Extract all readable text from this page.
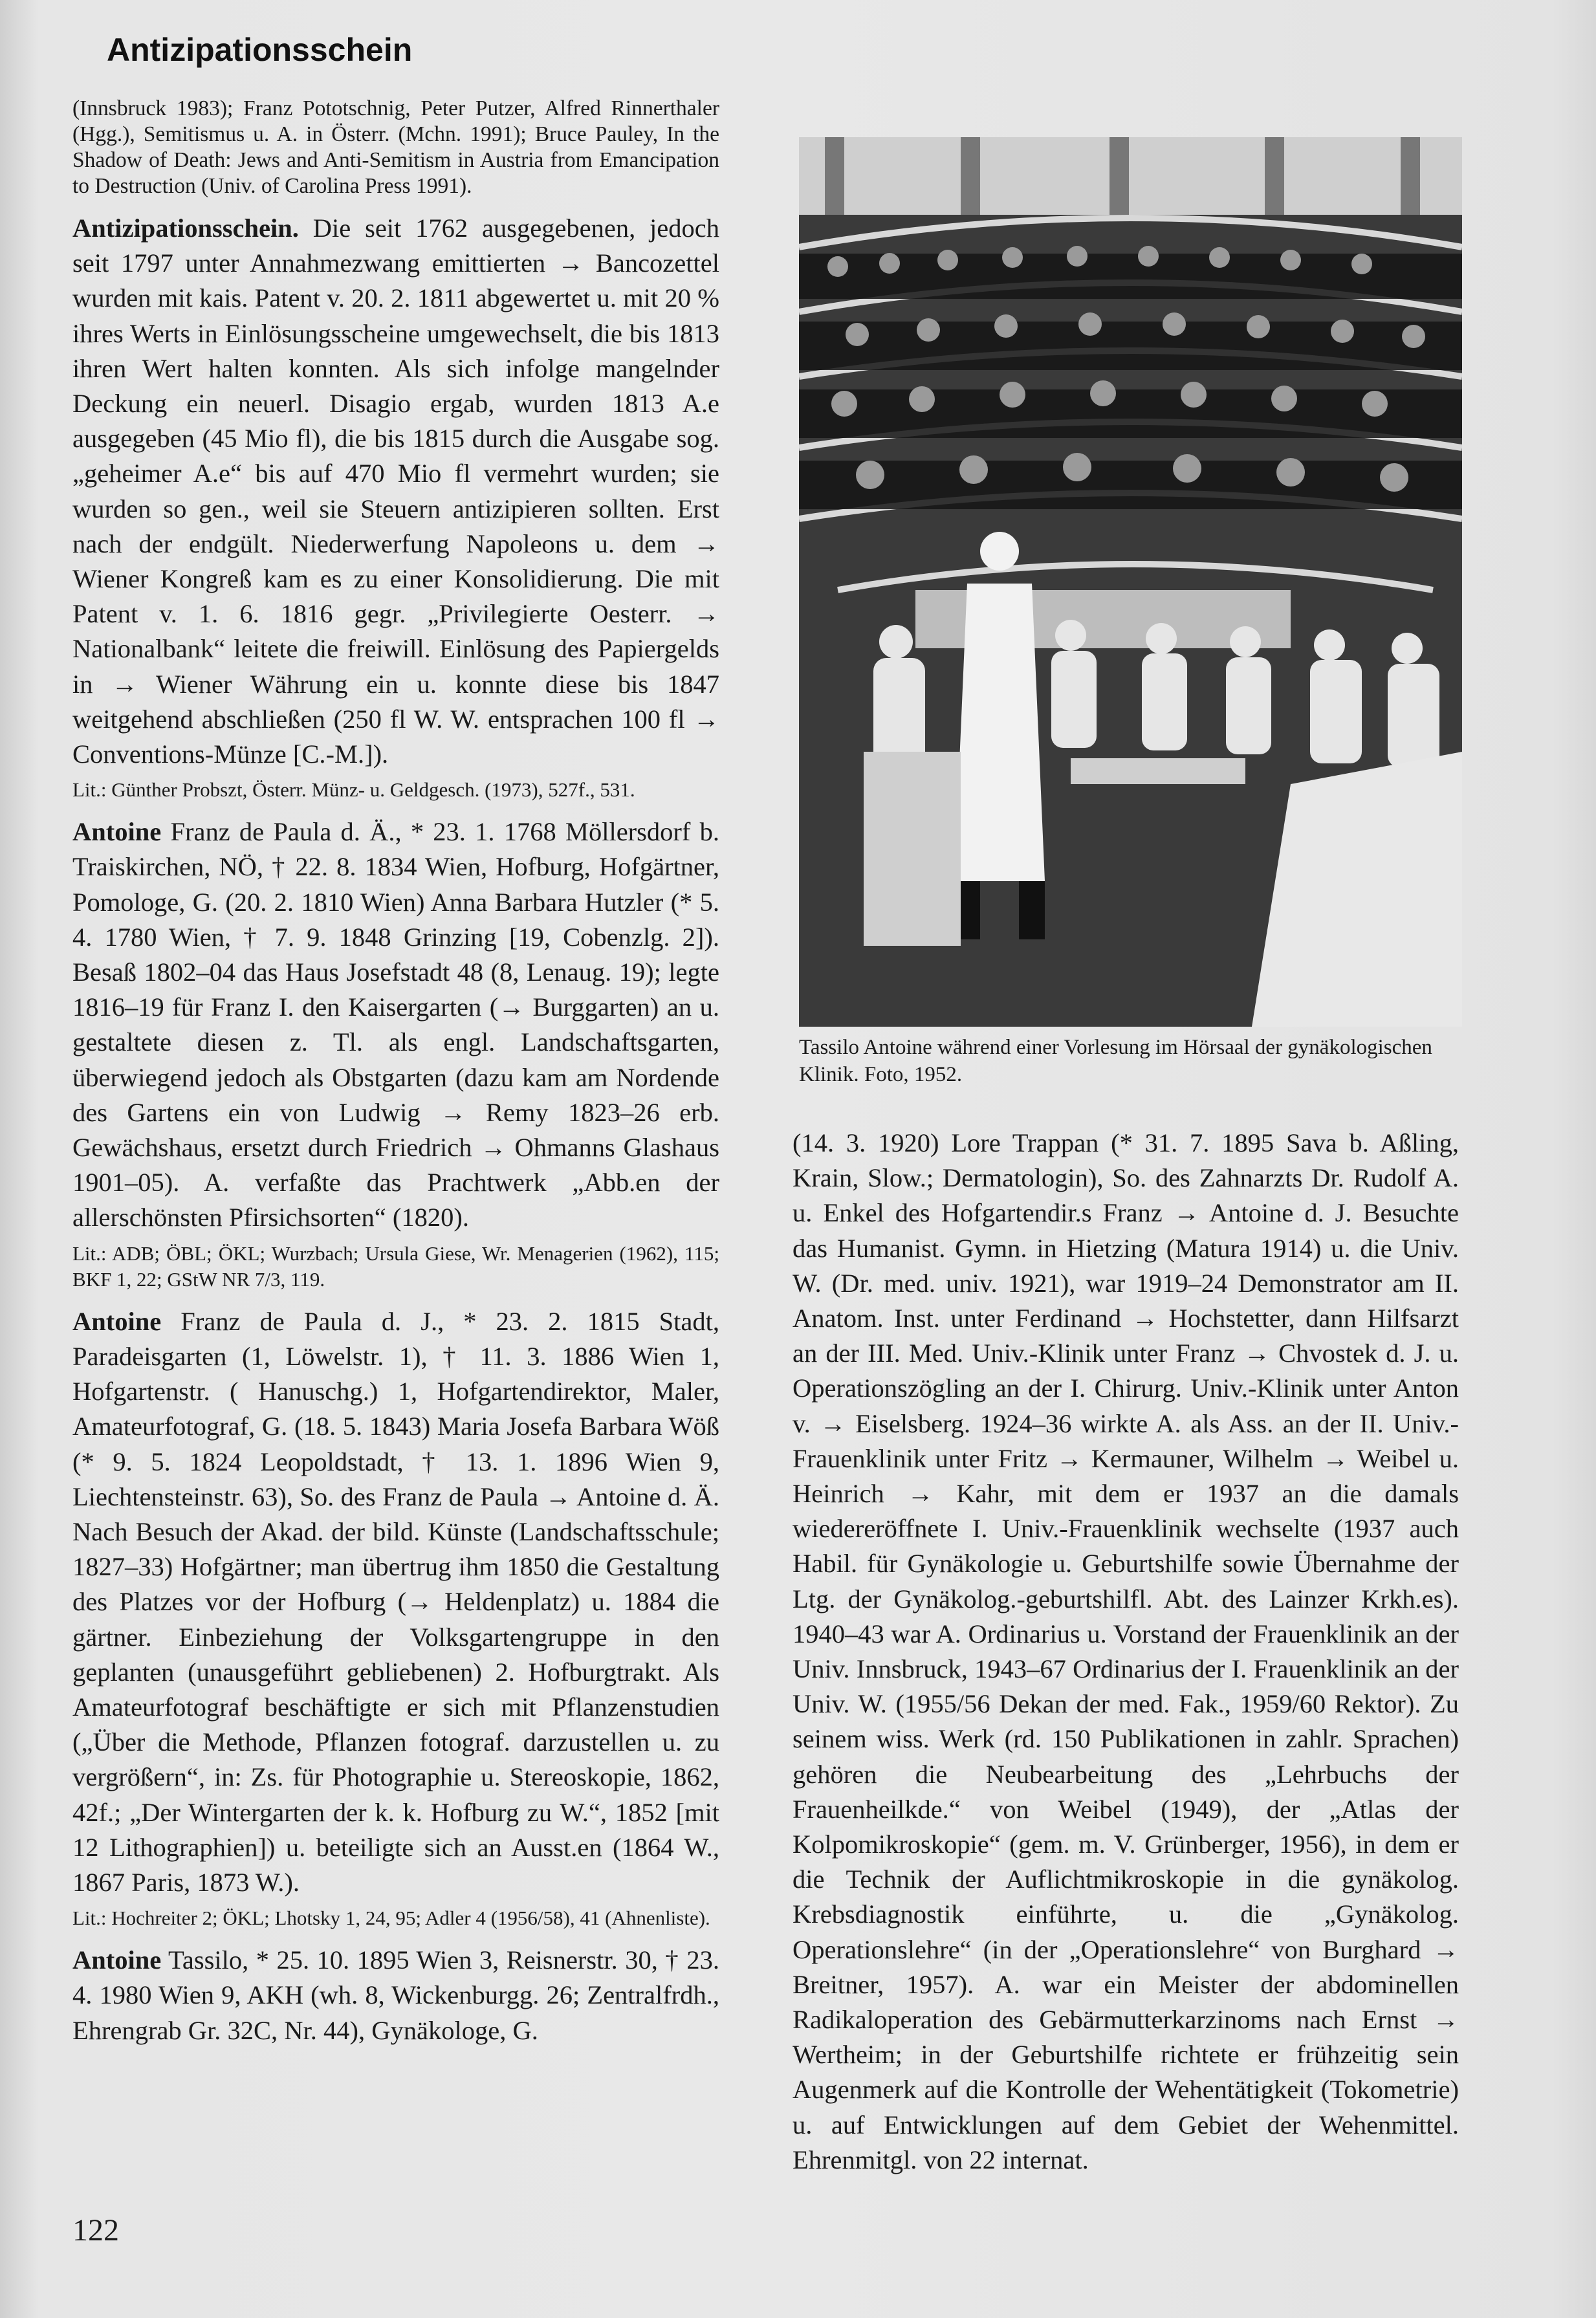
Antizipationsschein

(Innsbruck 1983); Franz Pototschnig, Peter Putzer, Alfred Rinnerthaler (Hgg.), Semitismus u. A. in Österr. (Mchn. 1991); Bruce Pauley, In the Shadow of Death: Jews and Anti-Semitism in Austria from Emancipation to Destruction (Univ. of Carolina Press 1991).

Antizipationsschein. Die seit 1762 ausgegebenen, jedoch seit 1797 unter Annahmezwang emittierten → Bancozettel wurden mit kais. Patent v. 20. 2. 1811 abgewertet u. mit 20 % ihres Werts in Einlösungsscheine umgewechselt, die bis 1813 ihren Wert halten konnten. Als sich infolge mangelnder Deckung ein neuerl. Disagio ergab, wurden 1813 A.e ausgegeben (45 Mio fl), die bis 1815 durch die Ausgabe sog. „geheimer A.e“ bis auf 470 Mio fl vermehrt wurden; sie wurden so gen., weil sie Steuern antizipieren sollten. Erst nach der endgült. Niederwerfung Napoleons u. dem → Wiener Kongreß kam es zu einer Konsolidierung. Die mit Patent v. 1. 6. 1816 gegr. „Privilegierte Oesterr. → Nationalbank“ leitete die freiwill. Einlösung des Papiergelds in → Wiener Währung ein u. konnte diese bis 1847 weitgehend abschließen (250 fl W. W. entsprachen 100 fl → Conventions-Münze [C.-M.]).

Lit.: Günther Probszt, Österr. Münz- u. Geldgesch. (1973), 527f., 531.

Antoine Franz de Paula d. Ä., * 23. 1. 1768 Möllersdorf b. Traiskirchen, NÖ, † 22. 8. 1834 Wien, Hofburg, Hofgärtner, Pomologe, G. (20. 2. 1810 Wien) Anna Barbara Hutzler (* 5. 4. 1780 Wien, † 7. 9. 1848 Grinzing [19, Cobenzlg. 2]). Besaß 1802–04 das Haus Josefstadt 48 (8, Lenaug. 19); legte 1816–19 für Franz I. den Kaisergarten (→ Burggarten) an u. gestaltete diesen z. Tl. als engl. Landschaftsgarten, überwiegend jedoch als Obstgarten (dazu kam am Nordende des Gartens ein von Ludwig → Remy 1823–26 erb. Gewächshaus, ersetzt durch Friedrich → Ohmanns Glashaus 1901–05). A. verfaßte das Prachtwerk „Abb.en der allerschönsten Pfirsichsorten“ (1820).

Lit.: ADB; ÖBL; ÖKL; Wurzbach; Ursula Giese, Wr. Menagerien (1962), 115; BKF 1, 22; GStW NR 7/3, 119.

Antoine Franz de Paula d. J., * 23. 2. 1815 Stadt, Paradeisgarten (1, Löwelstr. 1), † 11. 3. 1886 Wien 1, Hofgartenstr. ( Hanuschg.) 1, Hofgartendirektor, Maler, Amateurfotograf, G. (18. 5. 1843) Maria Josefa Barbara Wöß (* 9. 5. 1824 Leopoldstadt, † 13. 1. 1896 Wien 9, Liechtensteinstr. 63), So. des Franz de Paula → Antoine d. Ä. Nach Besuch der Akad. der bild. Künste (Landschaftsschule; 1827–33) Hofgärtner; man übertrug ihm 1850 die Gestaltung des Platzes vor der Hofburg (→ Heldenplatz) u. 1884 die gärtner. Einbeziehung der Volksgartengruppe in den geplanten (unausgeführt gebliebenen) 2. Hofburgtrakt. Als Amateurfotograf beschäftigte er sich mit Pflanzenstudien („Über die Methode, Pflanzen fotograf. darzustellen u. zu vergrößern“, in: Zs. für Photographie u. Stereoskopie, 1862, 42f.; „Der Wintergarten der k. k. Hofburg zu W.“, 1852 [mit 12 Lithographien]) u. beteiligte sich an Ausst.en (1864 W., 1867 Paris, 1873 W.).

Lit.: Hochreiter 2; ÖKL; Lhotsky 1, 24, 95; Adler 4 (1956/58), 41 (Ahnenliste).

Antoine Tassilo, * 25. 10. 1895 Wien 3, Reisnerstr. 30, † 23. 4. 1980 Wien 9, AKH (wh. 8, Wickenburgg. 26; Zentralfrdh., Ehrengrab Gr. 32C, Nr. 44), Gynäkologe, G.

Tassilo Antoine während einer Vorlesung im Hörsaal der gynäkologischen Klinik. Foto, 1952.

(14. 3. 1920) Lore Trappan (* 31. 7. 1895 Sava b. Aßling, Krain, Slow.; Dermatologin), So. des Zahnarzts Dr. Rudolf A. u. Enkel des Hofgartendir.s Franz → Antoine d. J. Besuchte das Humanist. Gymn. in Hietzing (Matura 1914) u. die Univ. W. (Dr. med. univ. 1921), war 1919–24 Demonstrator am II. Anatom. Inst. unter Ferdinand → Hochstetter, dann Hilfsarzt an der III. Med. Univ.-Klinik unter Franz → Chvostek d. J. u. Operationszögling an der I. Chirurg. Univ.-Klinik unter Anton v. → Eiselsberg. 1924–36 wirkte A. als Ass. an der II. Univ.-Frauenklinik unter Fritz → Kermauner, Wilhelm → Weibel u. Heinrich → Kahr, mit dem er 1937 an die damals wiedereröffnete I. Univ.-Frauenklinik wechselte (1937 auch Habil. für Gynäkologie u. Geburtshilfe sowie Übernahme der Ltg. der Gynäkolog.-geburtshilfl. Abt. des Lainzer Krkh.es). 1940–43 war A. Ordinarius u. Vorstand der Frauenklinik an der Univ. Innsbruck, 1943–67 Ordinarius der I. Frauenklinik an der Univ. W. (1955/56 Dekan der med. Fak., 1959/60 Rektor). Zu seinem wiss. Werk (rd. 150 Publikationen in zahlr. Sprachen) gehören die Neubearbeitung des „Lehrbuchs der Frauenheilkde.“ von Weibel (1949), der „Atlas der Kolpomikroskopie“ (gem. m. V. Grünberger, 1956), in dem er die Technik der Auflichtmikroskopie in die gynäkolog. Krebsdiagnostik einführte, u. die „Gynäkolog. Operationslehre“ (in der „Operationslehre“ von Burghard → Breitner, 1957). A. war ein Meister der abdominellen Radikaloperation des Gebärmutterkarzinoms nach Ernst → Wertheim; in der Geburtshilfe richtete er frühzeitig sein Augenmerk auf die Kontrolle der Wehentätigkeit (Tokometrie) u. auf Entwicklungen auf dem Gebiet der Wehenmittel. Ehrenmitgl. von 22 internat.

122
